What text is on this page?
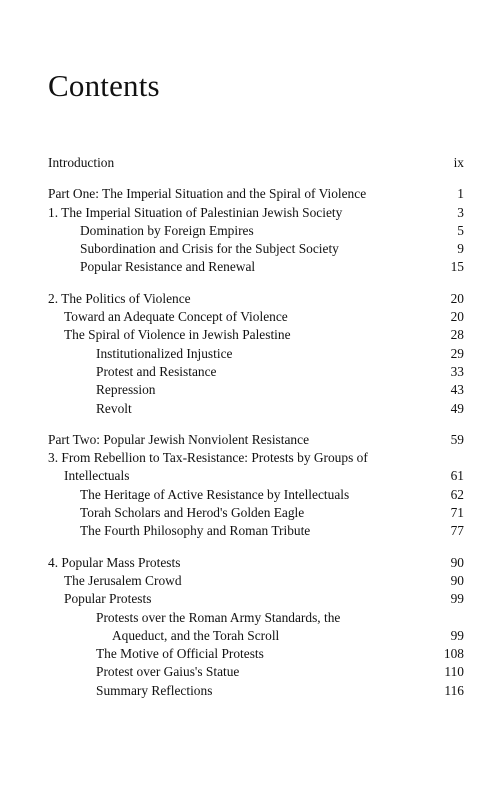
Contents
Introduction	ix
Part One: The Imperial Situation and the Spiral of Violence	1
1. The Imperial Situation of Palestinian Jewish Society	3
Domination by Foreign Empires	5
Subordination and Crisis for the Subject Society	9
Popular Resistance and Renewal	15
2. The Politics of Violence	20
Toward an Adequate Concept of Violence	20
The Spiral of Violence in Jewish Palestine	28
Institutionalized Injustice	29
Protest and Resistance	33
Repression	43
Revolt	49
Part Two: Popular Jewish Nonviolent Resistance	59
3. From Rebellion to Tax-Resistance: Protests by Groups of
Intellectuals	61
The Heritage of Active Resistance by Intellectuals	62
Torah Scholars and Herod's Golden Eagle	71
The Fourth Philosophy and Roman Tribute	77
4. Popular Mass Protests	90
The Jerusalem Crowd	90
Popular Protests	99
Protests over the Roman Army Standards, the
Aqueduct, and the Torah Scroll	99
The Motive of Official Protests	108
Protest over Gaius's Statue	110
Summary Reflections	116
